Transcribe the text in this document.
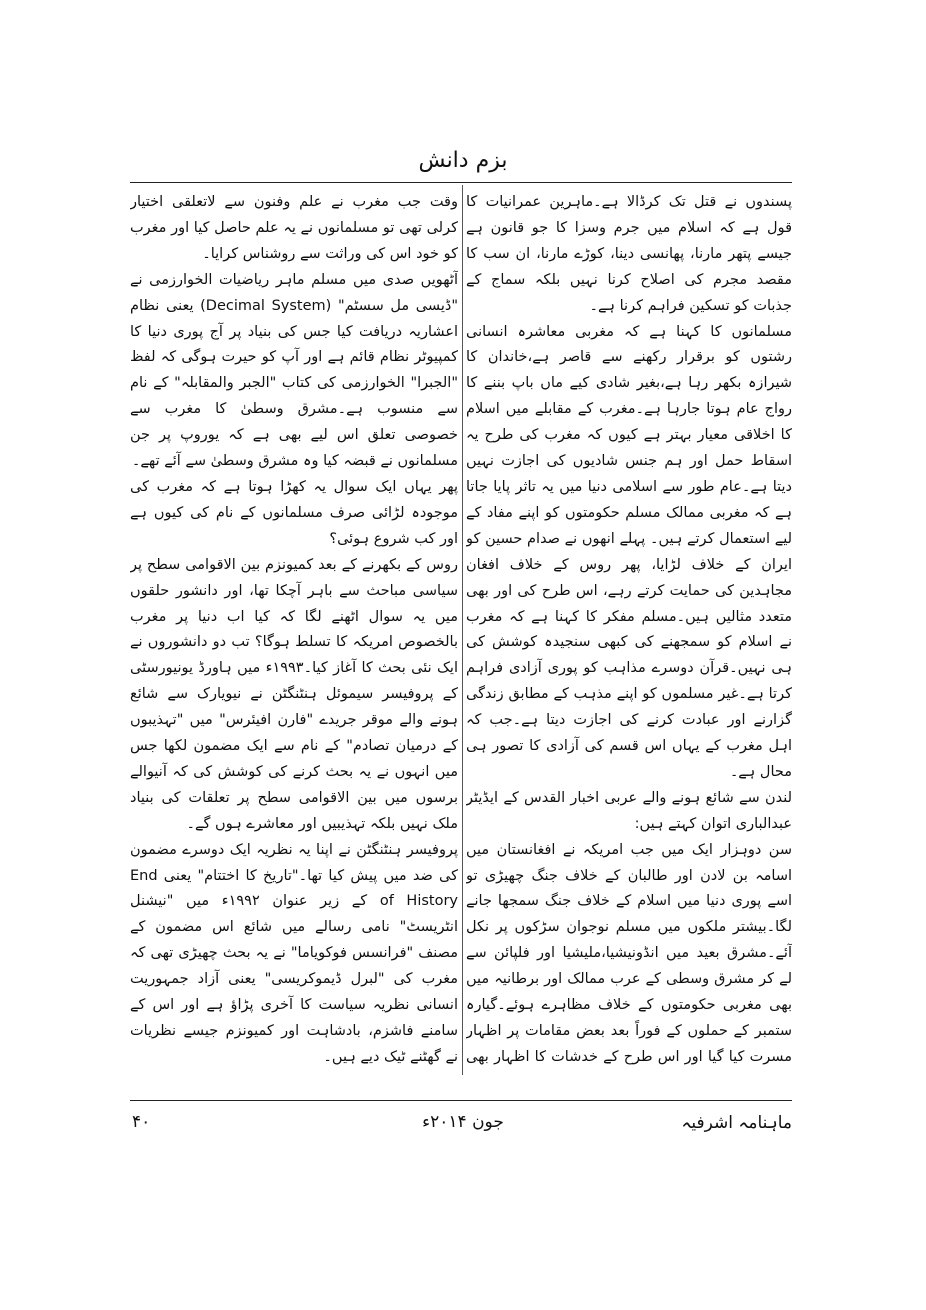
بزم دانش

پسندوں نے قتل تک کرڈالا ہے۔ماہرین عمرانیات کا قول ہے کہ اسلام میں جرم وسزا کا جو قانون ہے جیسے پتھر مارنا، پھانسی دینا، کوڑے مارنا، ان سب کا مقصد مجرم کی اصلاح کرنا نہیں بلکہ سماج کے جذبات کو تسکین فراہم کرنا ہے۔

مسلمانوں کا کہنا ہے کہ مغربی معاشرہ انسانی رشتوں کو برقرار رکھنے سے قاصر ہے،خاندان کا شیرازہ بکھر رہا ہے،بغیر شادی کیے ماں باپ بننے کا رواج عام ہوتا جارہا ہے۔مغرب کے مقابلے میں اسلام کا اخلاقی معیار بہتر ہے کیوں کہ مغرب کی طرح یہ اسقاط حمل اور ہم جنس شادیوں کی اجازت نہیں دیتا ہے۔عام طور سے اسلامی دنیا میں یہ تاثر پایا جاتا ہے کہ مغربی ممالک مسلم حکومتوں کو اپنے مفاد کے لیے استعمال کرتے ہیں۔ پہلے انھوں نے صدام حسین کو ایران کے خلاف لڑایا، پھر روس کے خلاف افغان مجاہدین کی حمایت کرتے رہے، اس طرح کی اور بھی متعدد مثالیں ہیں۔مسلم مفکر کا کہنا ہے کہ مغرب نے اسلام کو سمجھنے کی کبھی سنجیدہ کوشش کی ہی نہیں۔قرآن دوسرے مذاہب کو پوری آزادی فراہم کرتا ہے۔غیر مسلموں کو اپنے مذہب کے مطابق زندگی گزارنے اور عبادت کرنے کی اجازت دیتا ہے۔جب کہ اہل مغرب کے یہاں اس قسم کی آزادی کا تصور ہی محال ہے۔

لندن سے شائع ہونے والے عربی اخبار القدس کے ایڈیٹر عبدالباری اتوان کہتے ہیں:

سن دوہزار ایک میں جب امریکہ نے افغانستان میں اسامہ بن لادن اور طالبان کے خلاف جنگ چھیڑی تو اسے پوری دنیا میں اسلام کے خلاف جنگ سمجھا جانے لگا۔بیشتر ملکوں میں مسلم نوجوان سڑکوں پر نکل آئے۔مشرق بعید میں انڈونیشیا،ملیشیا اور فلپائن سے لے کر مشرق وسطی کے عرب ممالک اور برطانیہ میں بھی مغربی حکومتوں کے خلاف مظاہرے ہوئے۔گیارہ ستمبر کے حملوں کے فوراً بعد بعض مقامات پر اظہار مسرت کیا گیا اور اس طرح کے خدشات کا اظہار بھی

وقت جب مغرب نے علم وفنون سے لاتعلقی اختیار کرلی تھی تو مسلمانوں نے یہ علم حاصل کیا اور مغرب کو خود اس کی وراثت سے روشناس کرایا۔

آٹھویں صدی میں مسلم ماہر ریاضیات الخوارزمی نے "ڈیسی مل سسٹم" (Decimal System) یعنی نظام اعشاریہ دریافت کیا جس کی بنیاد پر آج پوری دنیا کا کمپیوٹر نظام قائم ہے اور آپ کو حیرت ہوگی کہ لفظ "الجبرا" الخوارزمی کی کتاب "الجبر والمقابلہ" کے نام سے منسوب ہے۔مشرق وسطیٰ کا مغرب سے خصوصی تعلق اس لیے بھی ہے کہ یوروپ پر جن مسلمانوں نے قبضہ کیا وہ مشرق وسطیٰ سے آئے تھے۔

پھر یہاں ایک سوال یہ کھڑا ہوتا ہے کہ مغرب کی موجودہ لڑائی صرف مسلمانوں کے نام کی کیوں ہے اور کب شروع ہوئی؟

روس کے بکھرنے کے بعد کمیونزم بین الاقوامی سطح پر سیاسی مباحث سے باہر آچکا تھا، اور دانشور حلقوں میں یہ سوال اٹھنے لگا کہ کیا اب دنیا پر مغرب بالخصوص امریکہ کا تسلط ہوگا؟ تب دو دانشوروں نے ایک نئی بحث کا آغاز کیا۔۱۹۹۳ء میں ہاورڈ یونیورسٹی کے پروفیسر سیموئل ہنٹنگٹن نے نیویارک سے شائع ہونے والے موقر جریدے "فارن افیئرس" میں "تہذیبوں کے درمیان تصادم" کے نام سے ایک مضمون لکھا جس میں انہوں نے یہ بحث کرنے کی کوشش کی کہ آنیوالے برسوں میں بین الاقوامی سطح پر تعلقات کی بنیاد ملک نہیں بلکہ تہذیبیں اور معاشرے ہوں گے۔

پروفیسر ہنٹنگٹن نے اپنا یہ نظریہ ایک دوسرے مضمون کی ضد میں پیش کیا تھا۔"تاریخ کا اختتام" یعنی End of History کے زیر عنوان ۱۹۹۲ء میں "نیشنل انٹریسٹ" نامی رسالے میں شائع اس مضمون کے مصنف "فرانسس فوکویاما" نے یہ بحث چھیڑی تھی کہ مغرب کی "لبرل ڈیموکریسی" یعنی آزاد جمہوریت انسانی نظریہ سیاست کا آخری پڑاؤ ہے اور اس کے سامنے فاشزم، بادشاہت اور کمیونزم جیسے نظریات نے گھٹنے ٹیک دیے ہیں۔

ماہنامہ اشرفیہ
جون ۲۰۱۴ء
۴۰
